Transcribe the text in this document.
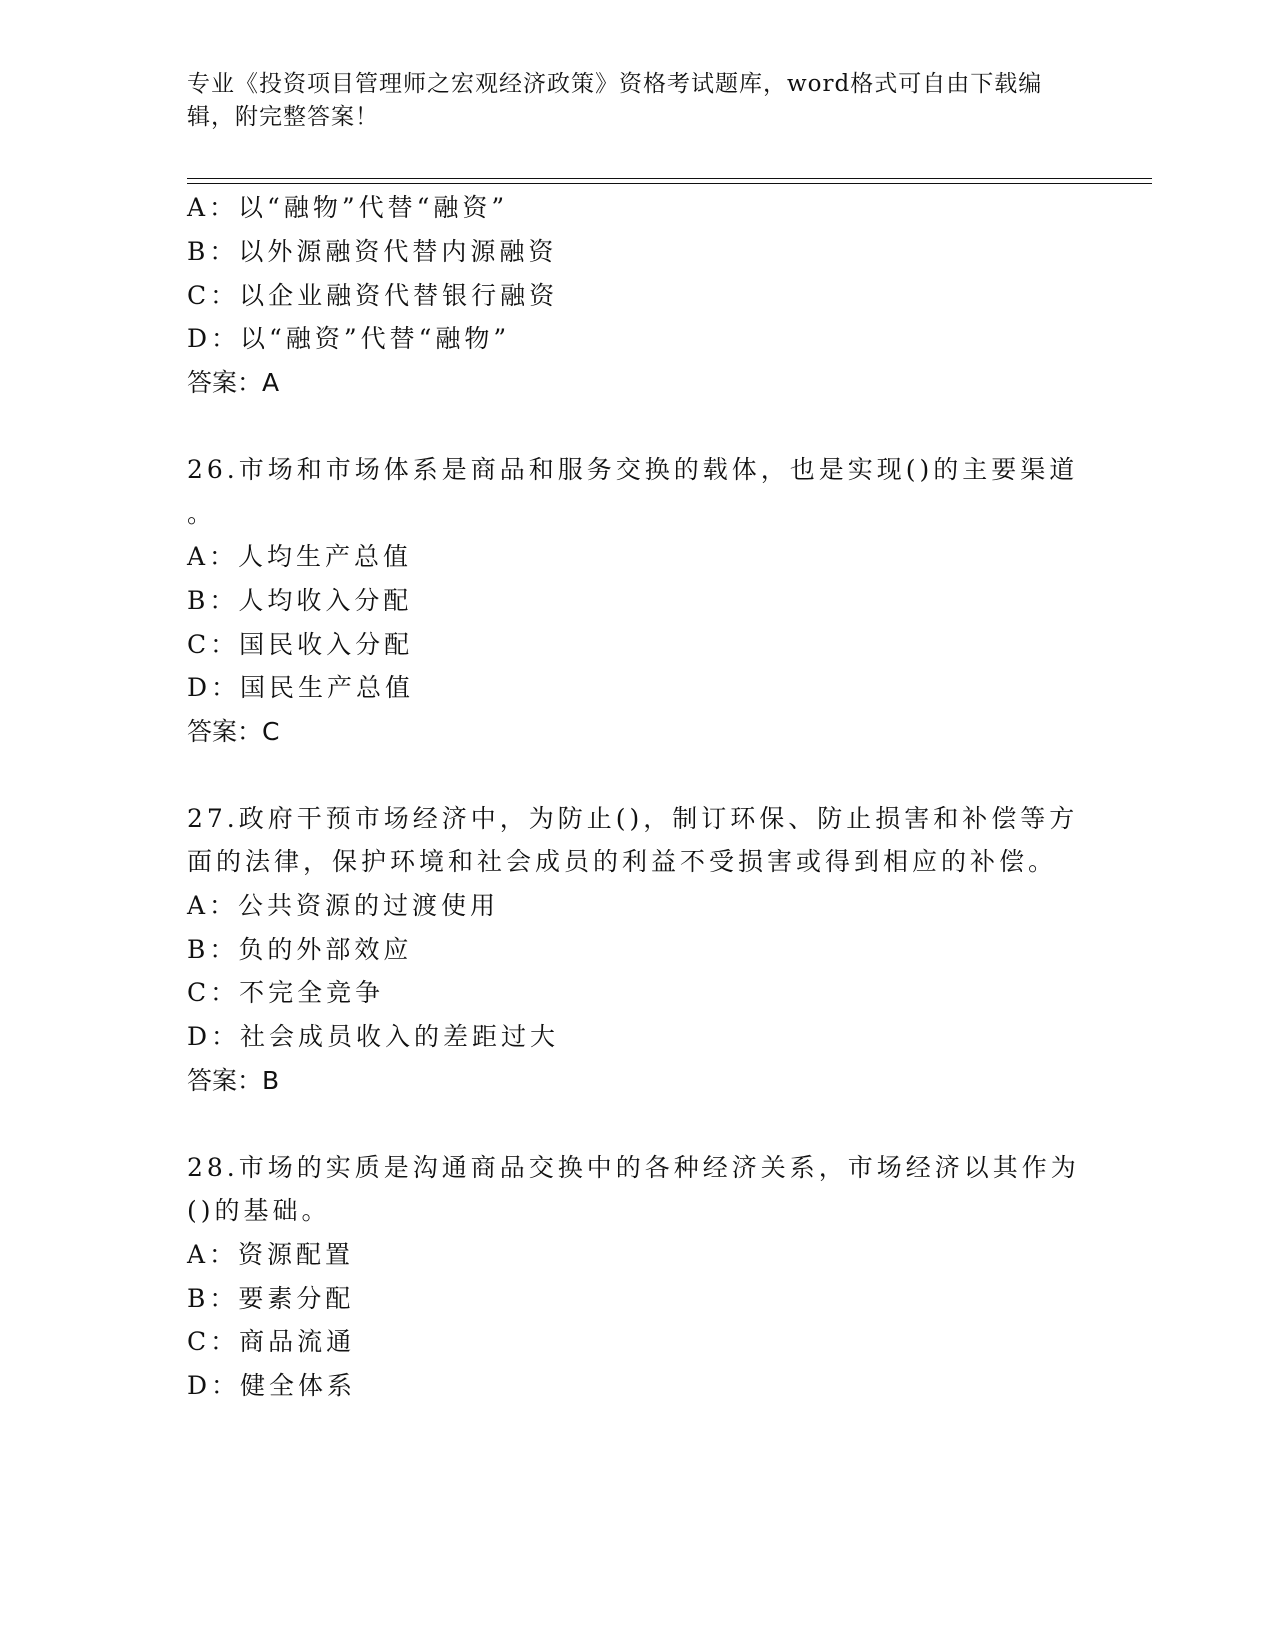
专业《投资项目管理师之宏观经济政策》资格考试题库，word格式可自由下载编
辑，附完整答案！
A：以“融物”代替“融资”
B：以外源融资代替内源融资
C：以企业融资代替银行融资
D：以“融资”代替“融物”
答案：A
26.市场和市场体系是商品和服务交换的载体，也是实现()的主要渠道
。
A：人均生产总值
B：人均收入分配
C：国民收入分配
D：国民生产总值
答案：C
27.政府干预市场经济中，为防止()，制订环保、防止损害和补偿等方
面的法律，保护环境和社会成员的利益不受损害或得到相应的补偿。
A：公共资源的过渡使用
B：负的外部效应
C：不完全竞争
D：社会成员收入的差距过大
答案：B
28.市场的实质是沟通商品交换中的各种经济关系，市场经济以其作为
()的基础。
A：资源配置
B：要素分配
C：商品流通
D：健全体系
